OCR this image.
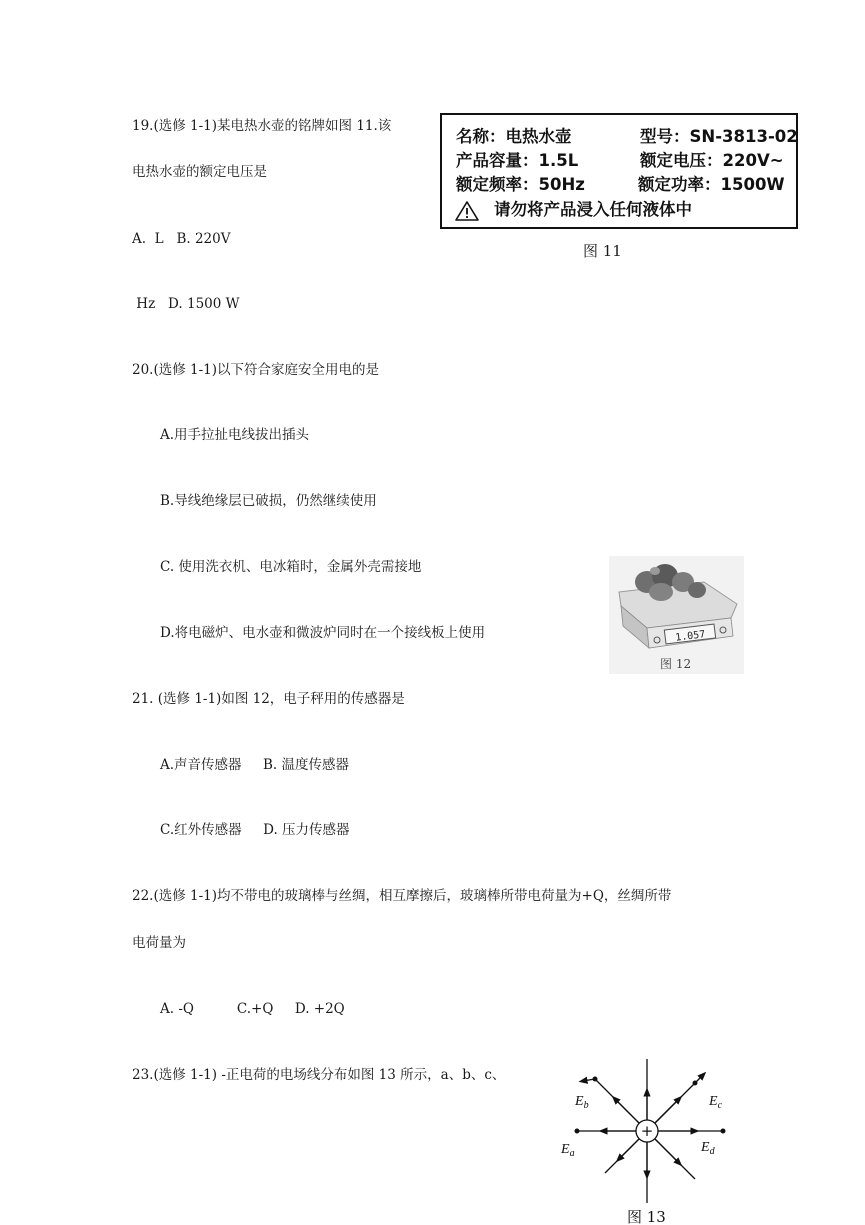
19.(选修 1-1)某电热水壶的铭牌如图 11.该
电热水壶的额定电压是
A.  L   B. 220V
Hz   D. 1500 W
名称：电热水壶	型号：SN-3813-02
产品容量：1.5L	额定电压：220V~
额定频率：50Hz	额定功率：1500W
请勿将产品浸入任何液体中
图 11
20.(选修 1-1)以下符合家庭安全用电的是
A.用手拉扯电线拔出插头
B.导线绝缘层已破损，仍然继续使用
C. 使用洗衣机、电冰箱时，金属外壳需接地
D.将电磁炉、电水壶和微波炉同时在一个接线板上使用	1.057
图 12
21. (选修 1-1)如图 12，电子秤用的传感器是
A.声音传感器     B. 温度传感器
C.红外传感器     D. 压力传感器
22.(选修 1-1)均不带电的玻璃棒与丝绸，相互摩擦后，玻璃棒所带电荷量为+Q，丝绸所带
电荷量为
A. -Q          C.+Q     D. +2Q
23.(选修 1-1) -正电荷的电场线分布如图 13 所示，a、b、c、
+
$E_b$	$E_c$
$E_a$	$E_d$
图 13
